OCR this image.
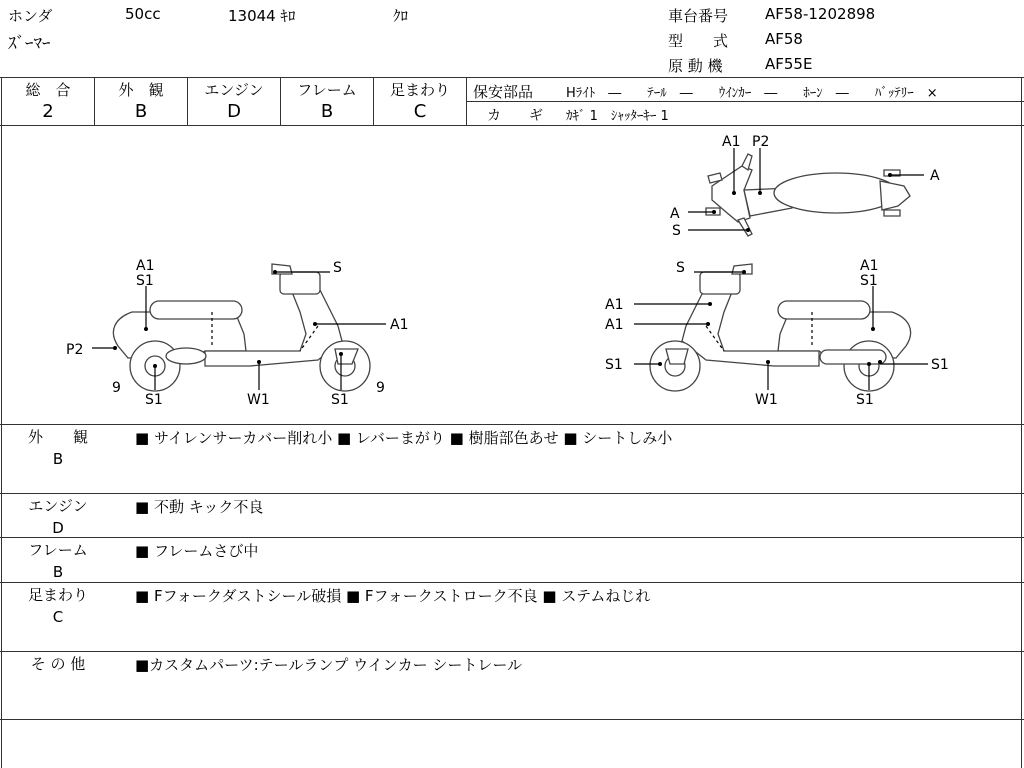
ホンダ	50cc	13044 ｷﾛ	ｸﾛ
ｽﾞｰﾏｰ
車台番号 AF58-1202898
型　　式 AF58
原 動 機	AF55E
総　合
2
外　観
B
エンジン
D
フレーム
B
足まわり
C
保安部品	Hﾗｲﾄ　―　　ﾃｰﾙ　―　　ｳｲﾝｶｰ　―　　ﾎｰﾝ　―　　ﾊﾞｯﾃﾘｰ　×
カ　　ギ ｶｷﾞ 1　ｼｬｯﾀｰｷｰ 1
A1 P2
A
A
S
A1
S1
S
A1
P2
9
S1	W1	S1
9
S	A1
S1
A1
A1
S1	S1
W1	S1
外　　観
B
■ サイレンサーカバー削れ小 ■ レバーまがり ■ 樹脂部色あせ ■ シートしみ小
エンジン
D
■ 不動 キック不良
フレーム
B
■ フレームさび中
足まわり
C
■ Fフォークダストシール破損 ■ Fフォークストローク不良 ■ ステムねじれ
そ の 他	■カスタムパーツ:テールランプ ウインカー シートレール
